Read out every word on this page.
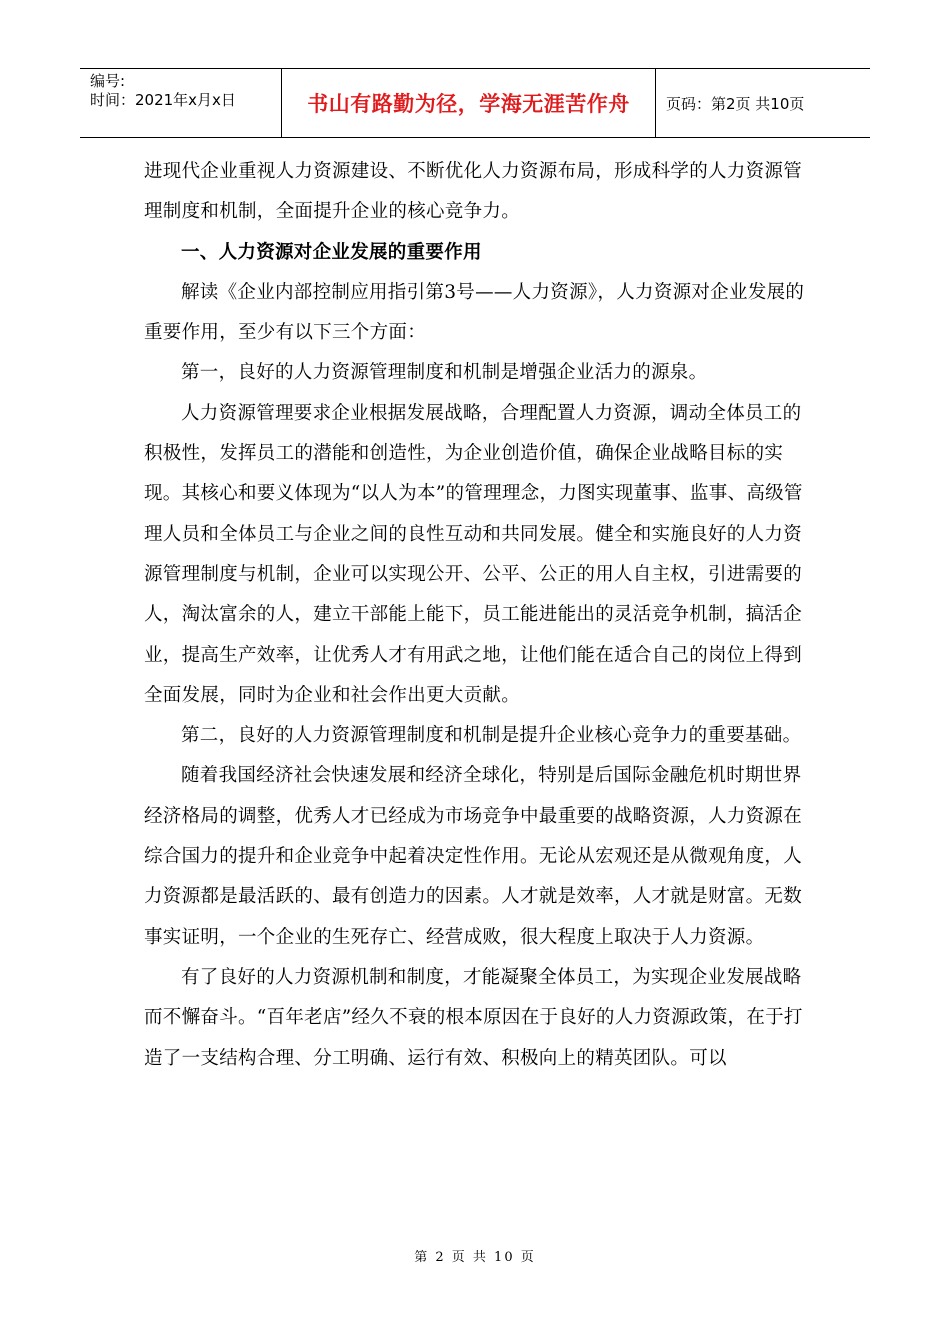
编号:
时间：2021年x月x日	书山有路勤为径，学海无涯苦作舟	页码：第2页 共10页

进现代企业重视人力资源建设、不断优化人力资源布局，形成科学的人力资源管理制度和机制，全面提升企业的核心竞争力。

一、人力资源对企业发展的重要作用

解读《企业内部控制应用指引第3号——人力资源》，人力资源对企业发展的重要作用，至少有以下三个方面：

第一，良好的人力资源管理制度和机制是增强企业活力的源泉。

人力资源管理要求企业根据发展战略，合理配置人力资源，调动全体员工的积极性，发挥员工的潜能和创造性，为企业创造价值，确保企业战略目标的实现。其核心和要义体现为“以人为本”的管理理念，力图实现董事、监事、高级管理人员和全体员工与企业之间的良性互动和共同发展。健全和实施良好的人力资源管理制度与机制，企业可以实现公开、公平、公正的用人自主权，引进需要的人，淘汰富余的人，建立干部能上能下，员工能进能出的灵活竞争机制，搞活企业，提高生产效率，让优秀人才有用武之地，让他们能在适合自己的岗位上得到全面发展，同时为企业和社会作出更大贡献。

第二，良好的人力资源管理制度和机制是提升企业核心竞争力的重要基础。

随着我国经济社会快速发展和经济全球化，特别是后国际金融危机时期世界经济格局的调整，优秀人才已经成为市场竞争中最重要的战略资源，人力资源在综合国力的提升和企业竞争中起着决定性作用。无论从宏观还是从微观角度，人力资源都是最活跃的、最有创造力的因素。人才就是效率，人才就是财富。无数事实证明，一个企业的生死存亡、经营成败，很大程度上取决于人力资源。

有了良好的人力资源机制和制度，才能凝聚全体员工，为实现企业发展战略而不懈奋斗。“百年老店”经久不衰的根本原因在于良好的人力资源政策，在于打造了一支结构合理、分工明确、运行有效、积极向上的精英团队。可以

第 2 页 共 10 页
